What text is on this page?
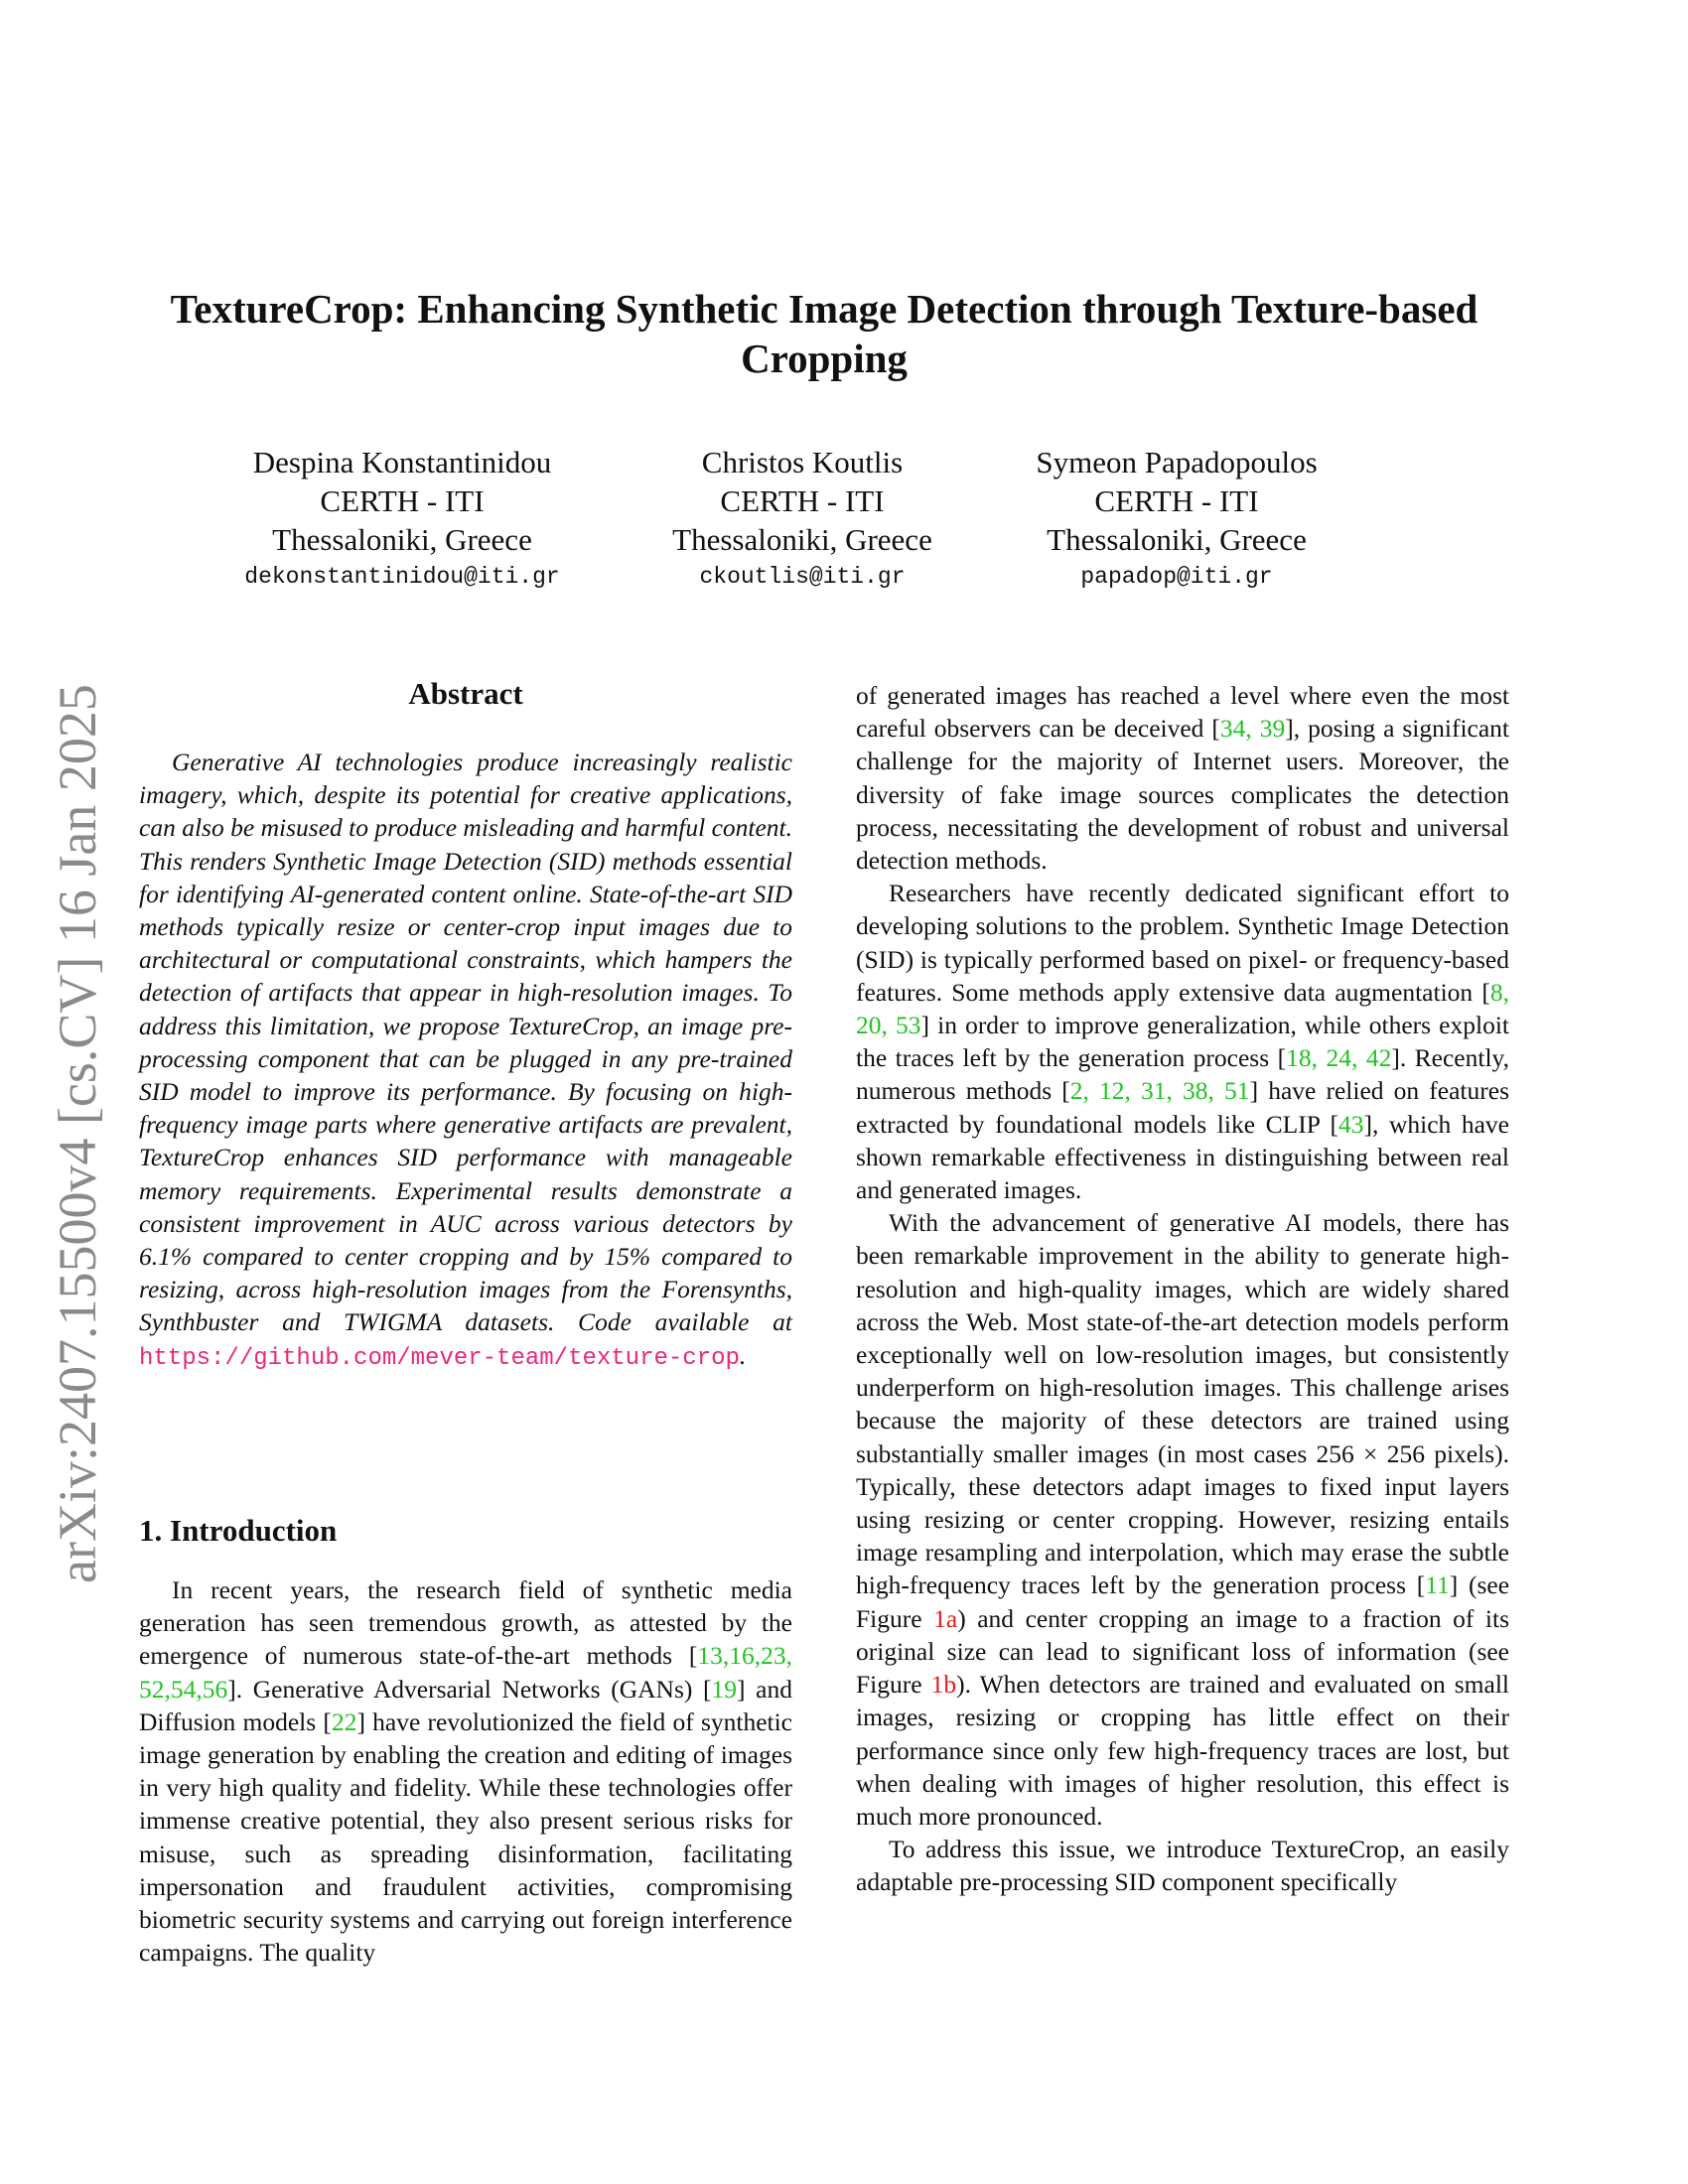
arXiv:2407.15500v4 [cs.CV] 16 Jan 2025
TextureCrop: Enhancing Synthetic Image Detection through Texture-based Cropping
Despina Konstantinidou
CERTH - ITI
Thessaloniki, Greece
dekonstantinidou@iti.gr
Christos Koutlis
CERTH - ITI
Thessaloniki, Greece
ckoutlis@iti.gr
Symeon Papadopoulos
CERTH - ITI
Thessaloniki, Greece
papadop@iti.gr
Abstract

Generative AI technologies produce increasingly realistic imagery, which, despite its potential for creative applications, can also be misused to produce misleading and harmful content. This renders Synthetic Image Detection (SID) methods essential for identifying AI-generated content online. State-of-the-art SID methods typically resize or center-crop input images due to architectural or computational constraints, which hampers the detection of artifacts that appear in high-resolution images. To address this limitation, we propose TextureCrop, an image pre-processing component that can be plugged in any pre-trained SID model to improve its performance. By focusing on high-frequency image parts where generative artifacts are prevalent, TextureCrop enhances SID performance with manageable memory requirements. Experimental results demonstrate a consistent improvement in AUC across various detectors by 6.1% compared to center cropping and by 15% compared to resizing, across high-resolution images from the Forensynths, Synthbuster and TWIGMA datasets. Code available at https://github.com/mever-team/texture-crop.

1. Introduction

In recent years, the research field of synthetic media generation has seen tremendous growth, as attested by the emergence of numerous state-of-the-art methods [13,16,23, 52,54,56]. Generative Adversarial Networks (GANs) [19] and Diffusion models [22] have revolutionized the field of synthetic image generation by enabling the creation and editing of images in very high quality and fidelity. While these technologies offer immense creative potential, they also present serious risks for misuse, such as spreading disinformation, facilitating impersonation and fraudulent activities, compromising biometric security systems and carrying out foreign interference campaigns. The quality

of generated images has reached a level where even the most careful observers can be deceived [34, 39], posing a significant challenge for the majority of Internet users. Moreover, the diversity of fake image sources complicates the detection process, necessitating the development of robust and universal detection methods.

Researchers have recently dedicated significant effort to developing solutions to the problem. Synthetic Image Detection (SID) is typically performed based on pixel- or frequency-based features. Some methods apply extensive data augmentation [8, 20, 53] in order to improve generalization, while others exploit the traces left by the generation process [18, 24, 42]. Recently, numerous methods [2, 12, 31, 38, 51] have relied on features extracted by foundational models like CLIP [43], which have shown remarkable effectiveness in distinguishing between real and generated images.

With the advancement of generative AI models, there has been remarkable improvement in the ability to generate high-resolution and high-quality images, which are widely shared across the Web. Most state-of-the-art detection models perform exceptionally well on low-resolution images, but consistently underperform on high-resolution images. This challenge arises because the majority of these detectors are trained using substantially smaller images (in most cases 256 × 256 pixels). Typically, these detectors adapt images to fixed input layers using resizing or center cropping. However, resizing entails image resampling and interpolation, which may erase the subtle high-frequency traces left by the generation process [11] (see Figure 1a) and center cropping an image to a fraction of its original size can lead to significant loss of information (see Figure 1b). When detectors are trained and evaluated on small images, resizing or cropping has little effect on their performance since only few high-frequency traces are lost, but when dealing with images of higher resolution, this effect is much more pronounced.

To address this issue, we introduce TextureCrop, an easily adaptable pre-processing SID component specifically
